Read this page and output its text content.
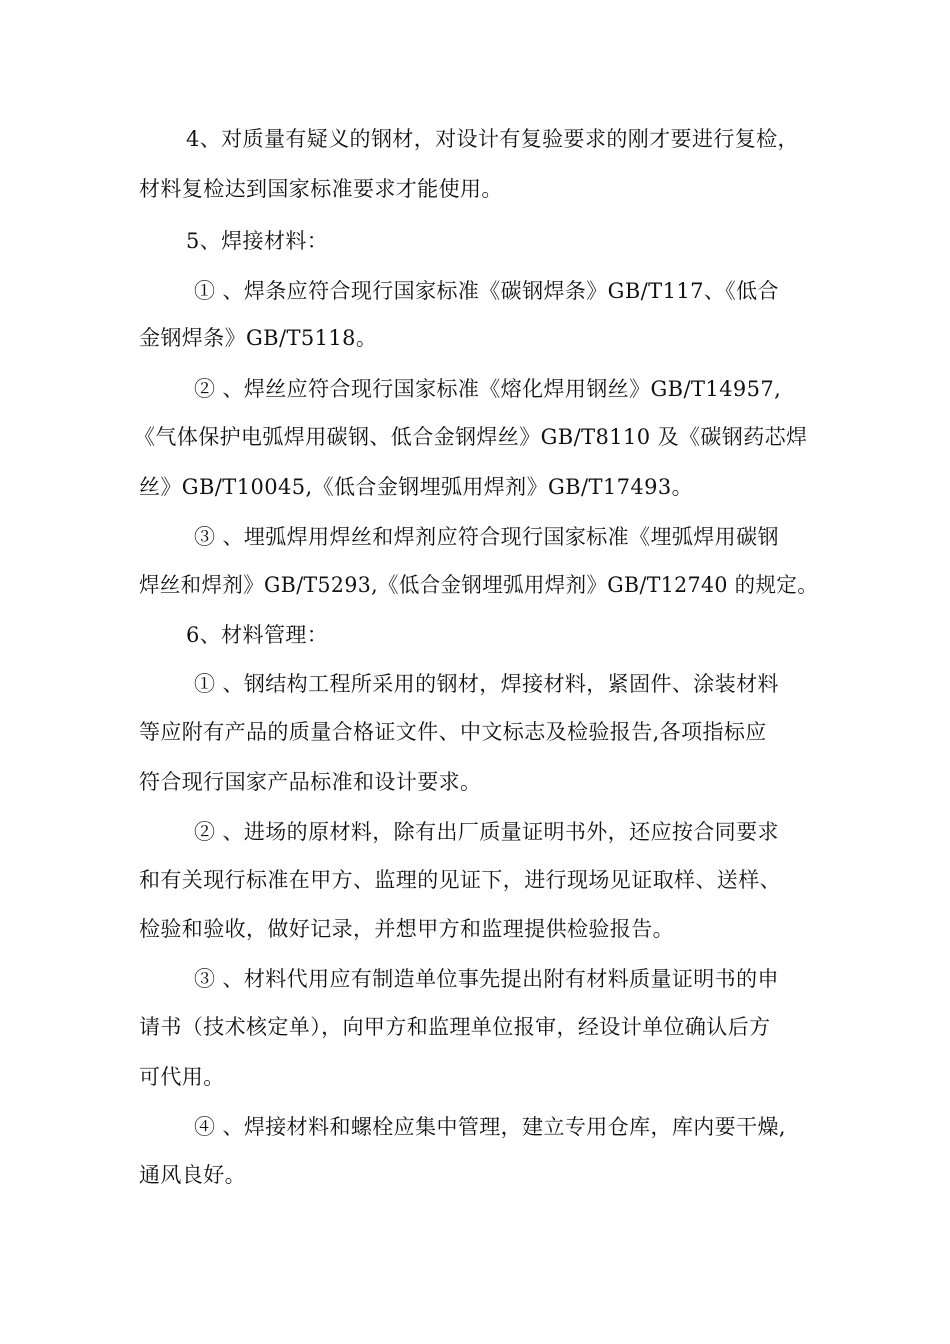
4、对质量有疑义的钢材，对设计有复验要求的刚才要进行复检，
材料复检达到国家标准要求才能使用。
5、焊接材料：
① 、焊条应符合现行国家标准《碳钢焊条》GB/T117、《低合
金钢焊条》GB/T5118。
② 、焊丝应符合现行国家标准《熔化焊用钢丝》GB/T14957,
《气体保护电弧焊用碳钢、低合金钢焊丝》GB/T8110 及《碳钢药芯焊
丝》GB/T10045,《低合金钢埋弧用焊剂》GB/T17493。
③ 、埋弧焊用焊丝和焊剂应符合现行国家标准《埋弧焊用碳钢
焊丝和焊剂》GB/T5293,《低合金钢埋弧用焊剂》GB/T12740 的规定。
6、材料管理：
① 、钢结构工程所采用的钢材，焊接材料，紧固件、涂装材料
等应附有产品的质量合格证文件、中文标志及检验报告,各项指标应
符合现行国家产品标准和设计要求。
② 、进场的原材料，除有出厂质量证明书外，还应按合同要求
和有关现行标准在甲方、监理的见证下，进行现场见证取样、送样、
检验和验收，做好记录，并想甲方和监理提供检验报告。
③ 、材料代用应有制造单位事先提出附有材料质量证明书的申
请书（技术核定单），向甲方和监理单位报审，经设计单位确认后方
可代用。
④ 、焊接材料和螺栓应集中管理，建立专用仓库，库内要干燥,
通风良好。
